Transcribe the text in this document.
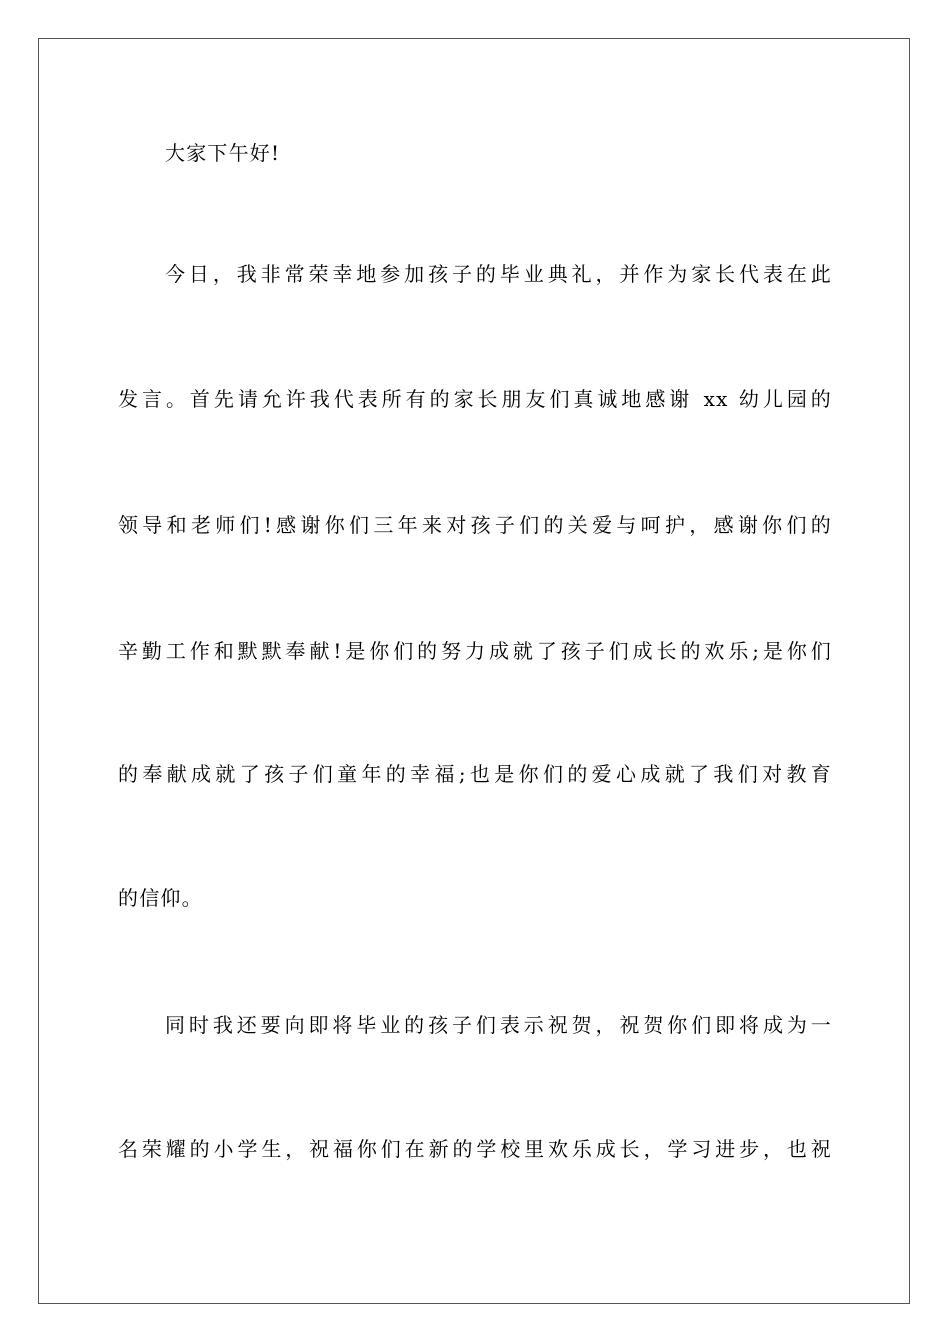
大家下午好!
今日，我非常荣幸地参加孩子的毕业典礼，并作为家长代表在此
发言。首先请允许我代表所有的家长朋友们真诚地感谢 xx 幼儿园的
领导和老师们!感谢你们三年来对孩子们的关爱与呵护，感谢你们的
辛勤工作和默默奉献!是你们的努力成就了孩子们成长的欢乐;是你们
的奉献成就了孩子们童年的幸福;也是你们的爱心成就了我们对教育
的信仰。
同时我还要向即将毕业的孩子们表示祝贺，祝贺你们即将成为一
名荣耀的小学生，祝福你们在新的学校里欢乐成长，学习进步，也祝
